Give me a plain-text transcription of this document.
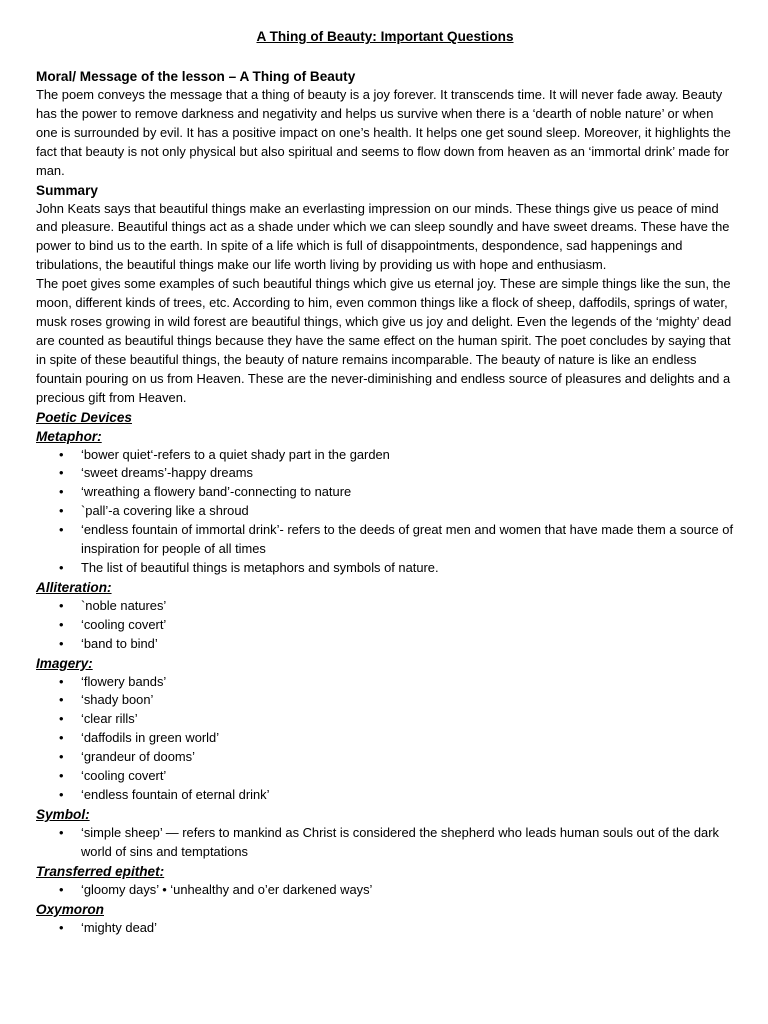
A Thing of Beauty: Important Questions
Moral/ Message of the lesson – A Thing of Beauty

The poem conveys the message that a thing of beauty is a joy forever. It transcends time. It will never fade away. Beauty has the power to remove darkness and negativity and helps us survive when there is a ‘dearth of noble nature’ or when one is surrounded by evil. It has a positive impact on one’s health. It helps one get sound sleep. Moreover, it highlights the fact that beauty is not only physical but also spiritual and seems to flow down from heaven as an ‘immortal drink’ made for man.

Summary

John Keats says that beautiful things make an everlasting impression on our minds. These things give us peace of mind and pleasure. Beautiful things act as a shade under which we can sleep soundly and have sweet dreams. These have the power to bind us to the earth. In spite of a life which is full of disappointments, despondence, sad happenings and tribulations, the beautiful things make our life worth living by providing us with hope and enthusiasm.

The poet gives some examples of such beautiful things which give us eternal joy. These are simple things like the sun, the moon, different kinds of trees, etc. According to him, even common things like a flock of sheep, daffodils, springs of water, musk roses growing in wild forest are beautiful things, which give us joy and delight. Even the legends of the ‘mighty’ dead are counted as beautiful things because they have the same effect on the human spirit. The poet concludes by saying that in spite of these beautiful things, the beauty of nature remains incomparable. The beauty of nature is like an endless fountain pouring on us from Heaven. These are the never-diminishing and endless source of pleasures and delights and a precious gift from Heaven.

Poetic Devices
Metaphor:
• ‘bower quiet‘-refers to a quiet shady part in the garden
• ‘sweet dreams’-happy dreams
• ‘wreathing a flowery band’-connecting to nature
• `pall’-a covering like a shroud
• ‘endless fountain of immortal drink’- refers to the deeds of great men and women that have made them a source of inspiration for people of all times
• The list of beautiful things is metaphors and symbols of nature.
Alliteration:
• `noble natures’
• ‘cooling covert’
• ‘band to bind’
Imagery:
• ‘flowery bands’
• ‘shady boon’
• ‘clear rills’
• ‘daffodils in green world’
• ‘grandeur of dooms’
• ‘cooling covert’
• ‘endless fountain of eternal drink’
Symbol:
• ‘simple sheep’ — refers to mankind as Christ is considered the shepherd who leads human souls out of the dark world of sins and temptations
Transferred epithet:
• ‘gloomy days’ • ‘unhealthy and o’er darkened ways’
Oxymoron
• ‘mighty dead’
